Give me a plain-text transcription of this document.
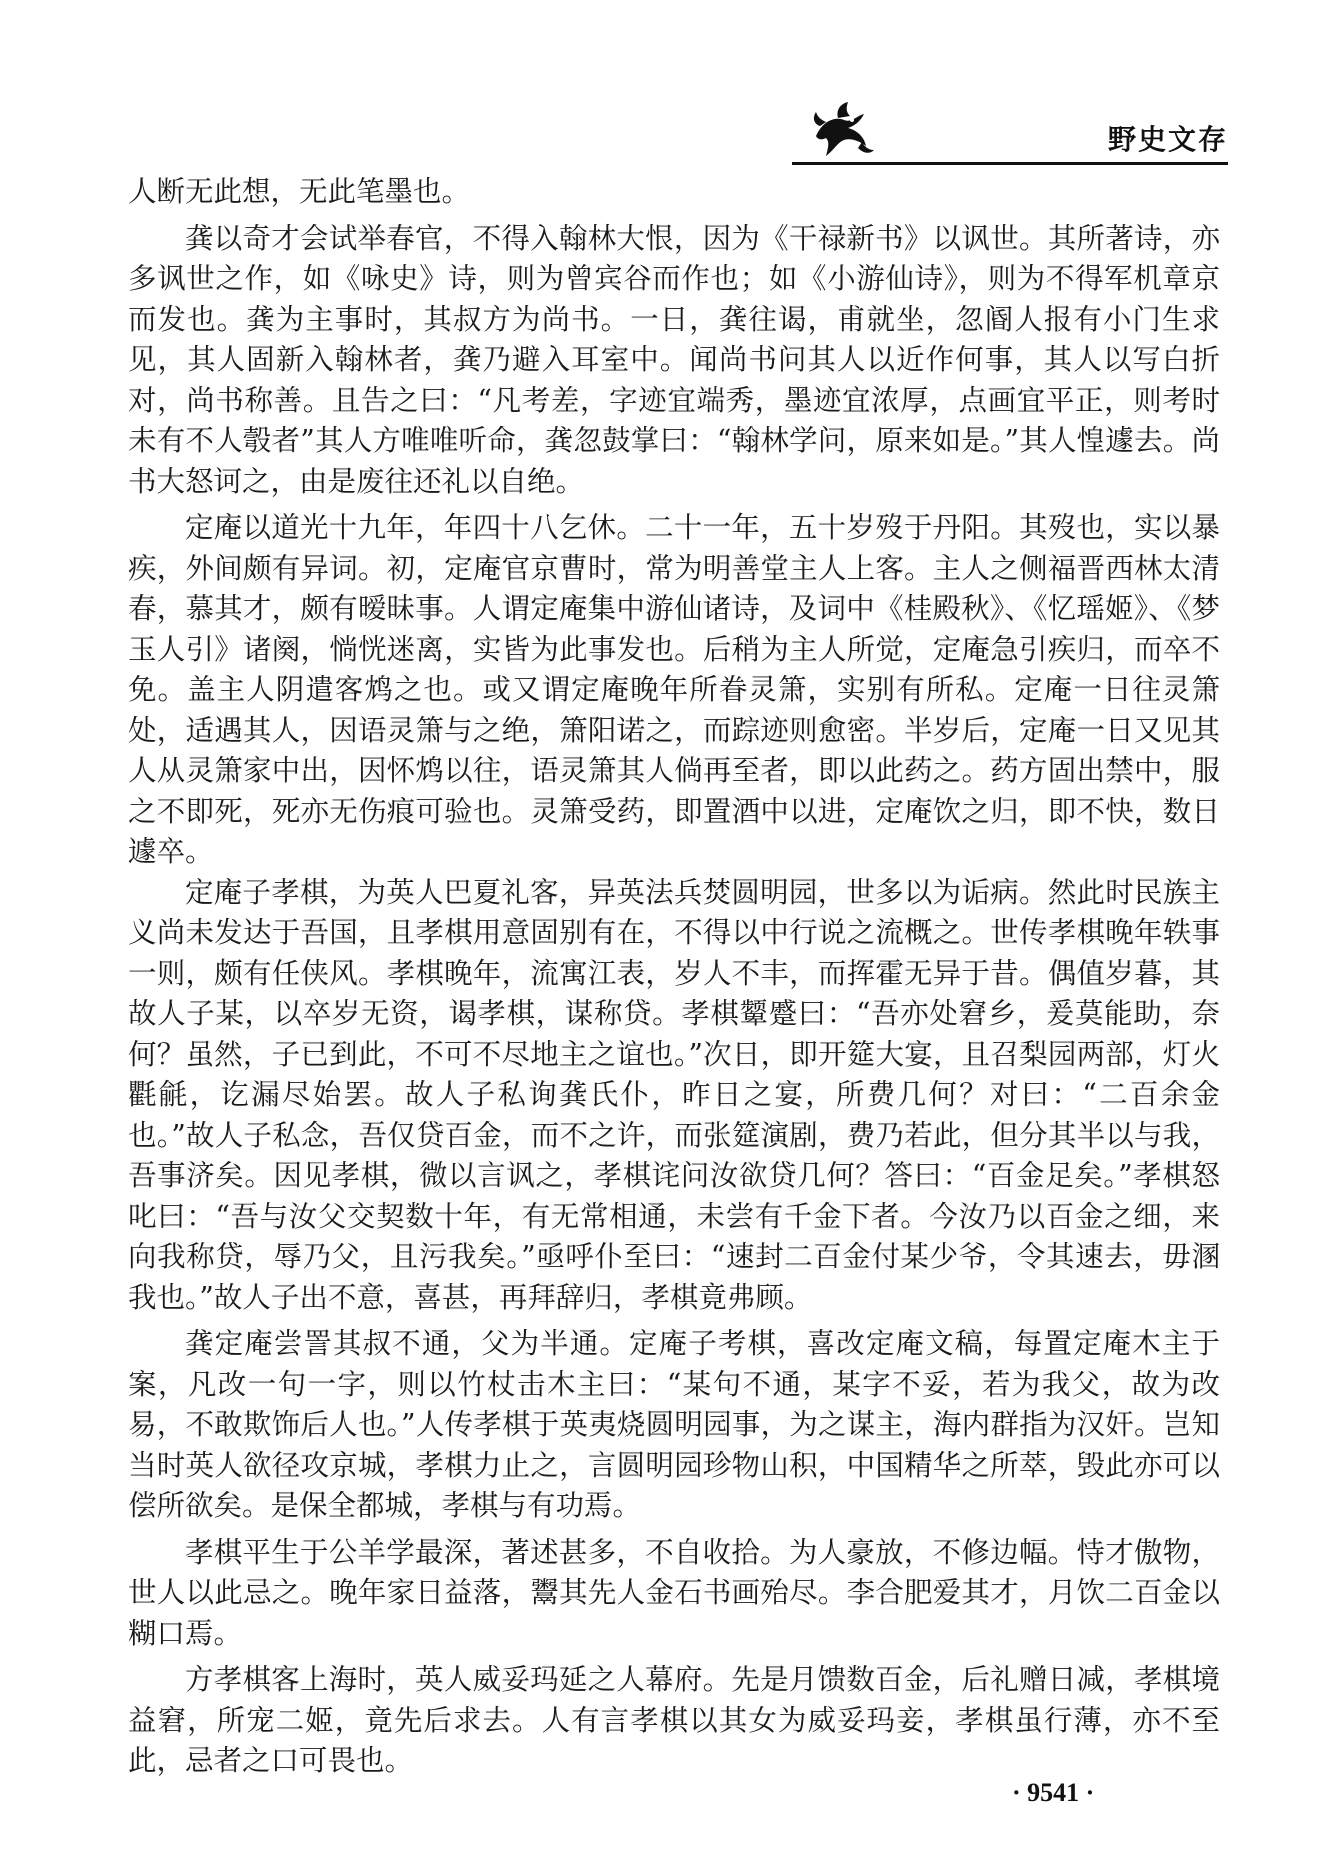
野史文存

人断无此想，无此笔墨也。

龚以奇才会试举春官，不得入翰林大恨，因为《干禄新书》以讽世。其所著诗，亦多讽世之作，如《咏史》诗，则为曾宾谷而作也；如《小游仙诗》，则为不得军机章京而发也。龚为主事时，其叔方为尚书。一日，龚往谒，甫就坐，忽阍人报有小门生求见，其人固新入翰林者，龚乃避入耳室中。闻尚书问其人以近作何事，其人以写白折对，尚书称善。且告之曰：“凡考差，字迹宜端秀，墨迹宜浓厚，点画宜平正，则考时未有不人彀者”其人方唯唯听命，龚忽鼓掌曰：“翰林学问，原来如是。”其人惶遽去。尚书大怒诃之，由是废往还礼以自绝。

定庵以道光十九年，年四十八乞休。二十一年，五十岁歿于丹阳。其歿也，实以暴疾，外间颇有异词。初，定庵官京曹时，常为明善堂主人上客。主人之侧福晋西林太清春，慕其才，颇有暧昧事。人谓定庵集中游仙诸诗，及词中《桂殿秋》、《忆瑶姬》、《梦玉人引》诸阕，惝恍迷离，实皆为此事发也。后稍为主人所觉，定庵急引疾归，而卒不免。盖主人阴遣客鸩之也。或又谓定庵晚年所眷灵箫，实别有所私。定庵一日往灵箫处，适遇其人，因语灵箫与之绝，箫阳诺之，而踪迹则愈密。半岁后，定庵一日又见其人从灵箫家中出，因怀鸩以往，语灵箫其人倘再至者，即以此药之。药方固出禁中，服之不即死，死亦无伤痕可验也。灵箫受药，即置酒中以进，定庵饮之归，即不快，数日遽卒。

定庵子孝棋，为英人巴夏礼客，异英法兵焚圆明园，世多以为诟病。然此时民族主义尚未发达于吾国，且孝棋用意固别有在，不得以中行说之流概之。世传孝棋晚年轶事一则，颇有任侠风。孝棋晚年，流寓江表，岁人不丰，而挥霍无异于昔。偶值岁暮，其故人子某，以卒岁无资，谒孝棋，谋称贷。孝棋颦蹙曰：“吾亦处窘乡，爰莫能助，奈何？虽然，子已到此，不可不尽地主之谊也。”次日，即开筵大宴，且召梨园两部，灯火氍毹，讫漏尽始罢。故人子私询龚氏仆，昨日之宴，所费几何？对曰：“二百余金也。”故人子私念，吾仅贷百金，而不之许，而张筵演剧，费乃若此，但分其半以与我，吾事济矣。因见孝棋，微以言讽之，孝棋诧问汝欲贷几何？答曰：“百金足矣。”孝棋怒叱曰：“吾与汝父交契数十年，有无常相通，未尝有千金下者。今汝乃以百金之细，来向我称贷，辱乃父，且污我矣。”亟呼仆至曰：“速封二百金付某少爷，令其速去，毋溷我也。”故人子出不意，喜甚，再拜辞归，孝棋竟弗顾。

龚定庵尝詈其叔不通，父为半通。定庵子考棋，喜改定庵文稿，每置定庵木主于案，凡改一句一字，则以竹杖击木主曰：“某句不通，某字不妥，若为我父，故为改易，不敢欺饰后人也。”人传孝棋于英夷烧圆明园事，为之谋主，海内群指为汉奸。岂知当时英人欲径攻京城，孝棋力止之，言圆明园珍物山积，中国精华之所萃，毁此亦可以偿所欲矣。是保全都城，孝棋与有功焉。

孝棋平生于公羊学最深，著述甚多，不自收拾。为人豪放，不修边幅。恃才傲物，世人以此忌之。晚年家日益落，鬻其先人金石书画殆尽。李合肥爱其才，月饮二百金以糊口焉。

方孝棋客上海时，英人威妥玛延之人幕府。先是月馈数百金，后礼赠日减，孝棋境益窘，所宠二姬，竟先后求去。人有言孝棋以其女为威妥玛妾，孝棋虽行薄，亦不至此，忌者之口可畏也。

· 9541 ·
